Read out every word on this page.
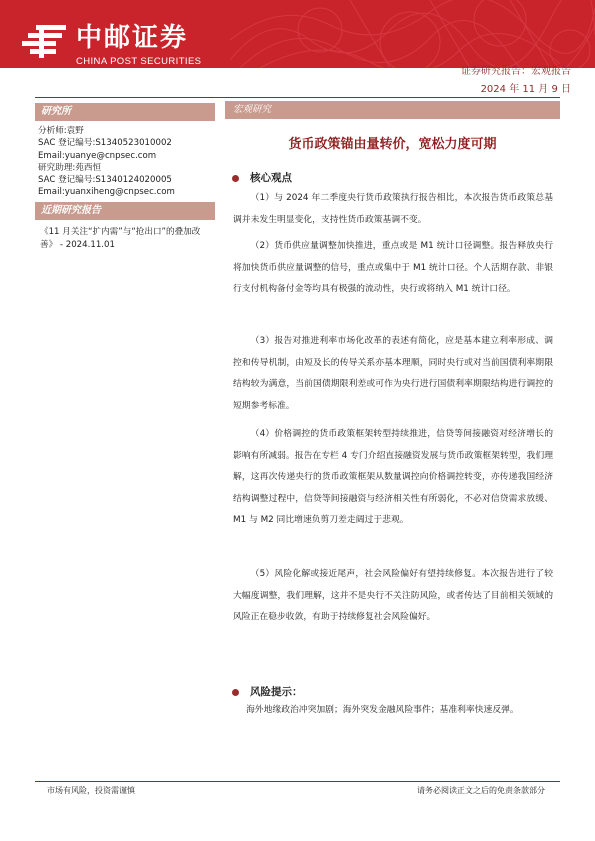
中邮证券
CHINA POST SECURITIES
证券研究报告：宏观报告
2024 年 11 月 9 日
研究所
分析师:袁野
SAC 登记编号:S1340523010002
Email:yuanye@cnpsec.com
研究助理:苑西恒
SAC 登记编号:S1340124020005
Email:yuanxiheng@cnpsec.com
近期研究报告
《11 月关注“扩内需”与“抢出口”的叠加改善》 - 2024.11.01
宏观研究
货币政策锚由量转价，宽松力度可期
核心观点

（1）与 2024 年二季度央行货币政策执行报告相比，本次报告货币政策总基调并未发生明显变化，支持性货币政策基调不变。

（2）货币供应量调整加快推进，重点或是 M1 统计口径调整。报告释放央行将加快货币供应量调整的信号，重点或集中于 M1 统计口径。个人活期存款、非银行支付机构备付金等均具有极强的流动性，央行或将纳入 M1 统计口径。

（3）报告对推进利率市场化改革的表述有简化，应是基本建立利率形成、调控和传导机制，由短及长的传导关系亦基本理顺，同时央行或对当前国债利率期限结构较为满意，当前国债期限利差或可作为央行进行国债利率期限结构进行调控的短期参考标准。

（4）价格调控的货币政策框架转型持续推进，信贷等间接融资对经济增长的影响有所减弱。报告在专栏 4 专门介绍直接融资发展与货币政策框架转型，我们理解，这再次传递央行的货币政策框架从数量调控向价格调控转变，亦传递我国经济结构调整过程中，信贷等间接融资与经济相关性有所弱化，不必对信贷需求放缓、M1 与 M2 同比增速负剪刀差走阔过于悲观。

（5）风险化解或接近尾声，社会风险偏好有望持续修复。本次报告进行了较大幅度调整，我们理解，这并不是央行不关注防风险，或者传达了目前相关领域的风险正在稳步收敛，有助于持续修复社会风险偏好。

风险提示：

海外地缘政治冲突加剧；海外突发金融风险事件；基准利率快速反弹。

市场有风险，投资需谨慎	请务必阅读正文之后的免责条款部分
